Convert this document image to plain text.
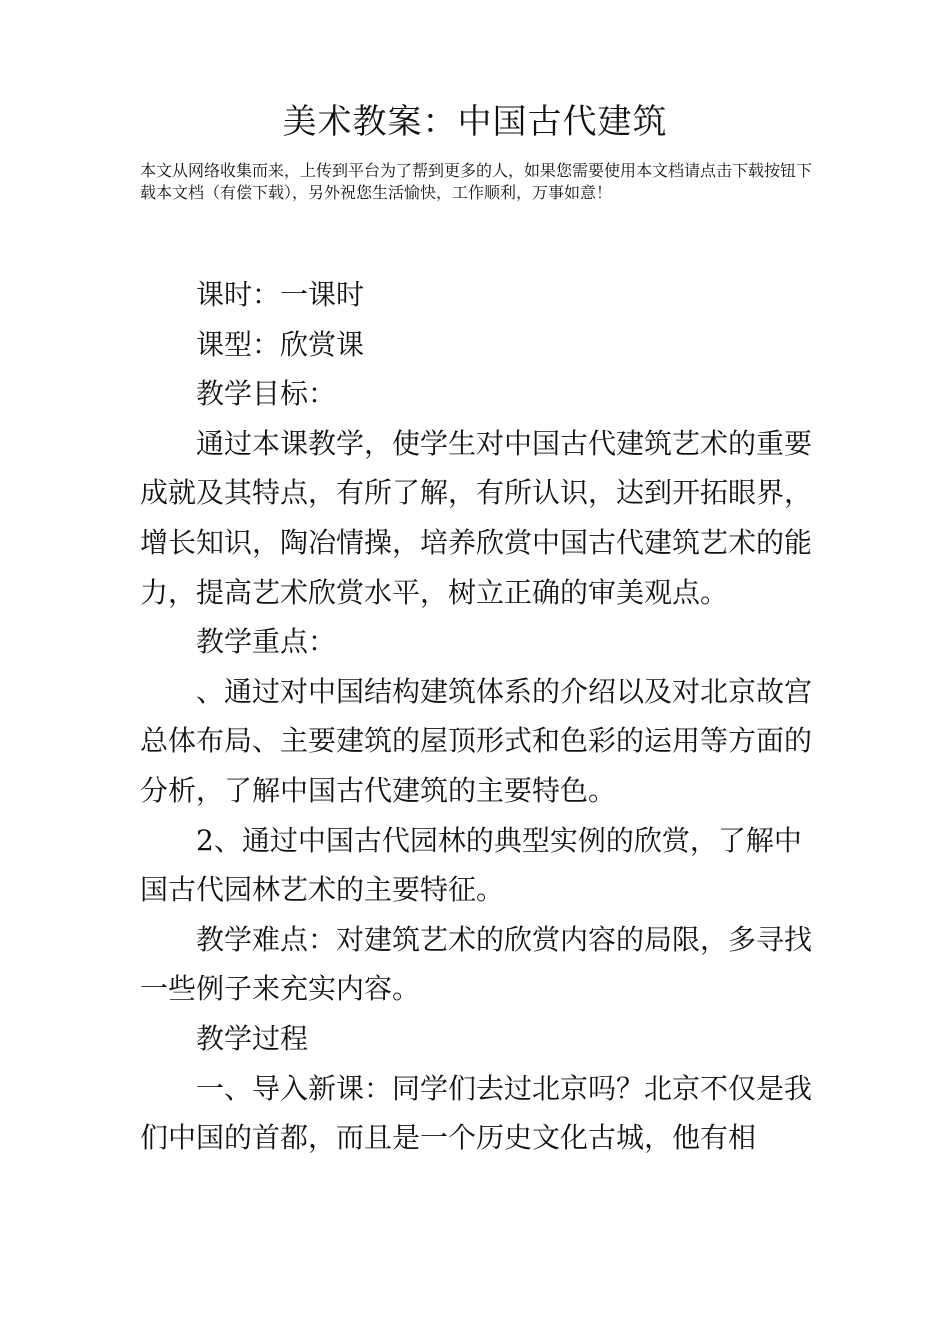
美术教案：中国古代建筑

本文从网络收集而来，上传到平台为了帮到更多的人，如果您需要使用本文档请点击下载按钮下载本文档（有偿下载），另外祝您生活愉快，工作顺利，万事如意！

课时：一课时

课型：欣赏课

教学目标：

通过本课教学，使学生对中国古代建筑艺术的重要成就及其特点，有所了解，有所认识，达到开拓眼界，增长知识，陶冶情操，培养欣赏中国古代建筑艺术的能力，提高艺术欣赏水平，树立正确的审美观点。

教学重点：

、通过对中国结构建筑体系的介绍以及对北京故宫总体布局、主要建筑的屋顶形式和色彩的运用等方面的分析，了解中国古代建筑的主要特色。

2、通过中国古代园林的典型实例的欣赏，了解中国古代园林艺术的主要特征。

教学难点：对建筑艺术的欣赏内容的局限，多寻找一些例子来充实内容。

教学过程

一、导入新课：同学们去过北京吗？北京不仅是我们中国的首都，而且是一个历史文化古城，他有相
